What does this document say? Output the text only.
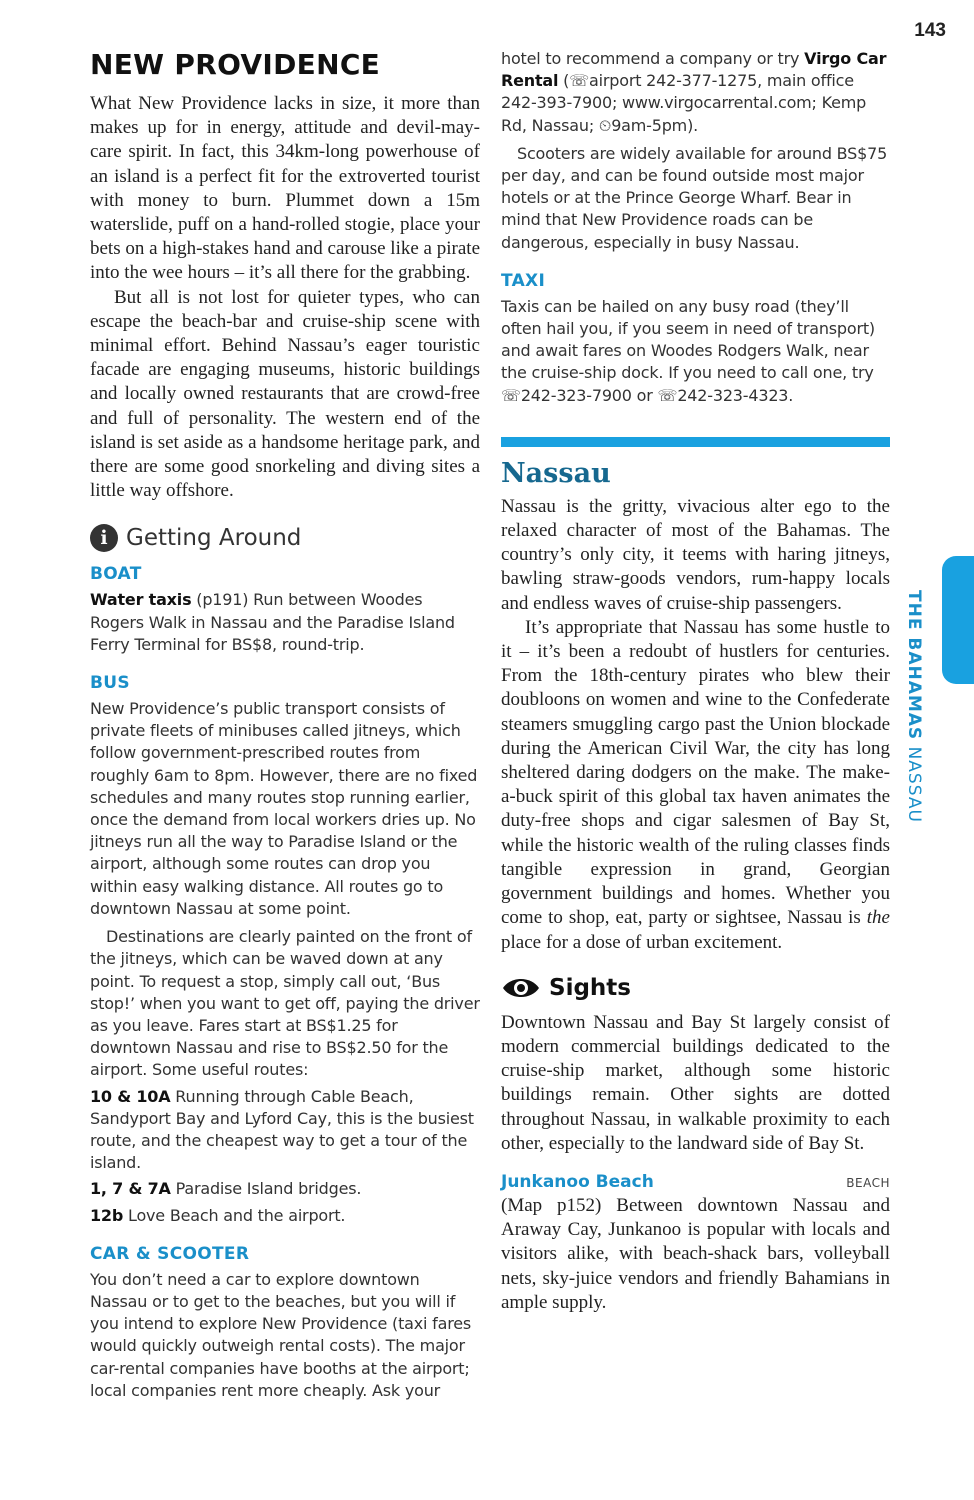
143
THE BAHAMAS NASSAU
NEW PROVIDENCE

What New Providence lacks in size, it more than makes up for in energy, attitude and devil-may-care spirit. In fact, this 34km-long powerhouse of an island is a perfect fit for the extroverted tourist with money to burn. Plummet down a 15m waterslide, puff on a hand-rolled stogie, place your bets on a high-stakes hand and carouse like a pirate into the wee hours – it’s all there for the grabbing.

But all is not lost for quieter types, who can escape the beach-bar and cruise-ship scene with minimal effort. Behind Nassau’s eager touristic facade are engaging museums, historic buildings and locally owned restaurants that are crowd-free and full of personality. The western end of the island is set aside as a handsome heritage park, and there are some good snorkeling and diving sites a little way offshore.

i Getting Around
BOAT

Water taxis (p191) Run between Woodes Rogers Walk in Nassau and the Paradise Island Ferry Terminal for BS$8, round-trip.

BUS

New Providence’s public transport consists of private fleets of minibuses called jitneys, which follow government-prescribed routes from roughly 6am to 8pm. However, there are no fixed schedules and many routes stop running earlier, once the demand from local workers dries up. No jitneys run all the way to Paradise Island or the airport, although some routes can drop you within easy walking distance. All routes go to downtown Nassau at some point.

Destinations are clearly painted on the front of the jitneys, which can be waved down at any point. To request a stop, simply call out, ‘Bus stop!’ when you want to get off, paying the driver as you leave. Fares start at BS$1.25 for downtown Nassau and rise to BS$2.50 for the airport. Some useful routes:

10 & 10A Running through Cable Beach, Sandyport Bay and Lyford Cay, this is the busiest route, and the cheapest way to get a tour of the island.

1, 7 & 7A Paradise Island bridges.

12b Love Beach and the airport.

CAR & SCOOTER

You don’t need a car to explore downtown Nassau or to get to the beaches, but you will if you intend to explore New Providence (taxi fares would quickly outweigh rental costs). The major car-rental companies have booths at the airport; local companies rent more cheaply. Ask your

hotel to recommend a company or try Virgo Car Rental (☏airport 242-377-1275, main office 242-393-7900; www.virgocarrental.com; Kemp Rd, Nassau; ⏲9am-5pm).

Scooters are widely available for around BS$75 per day, and can be found outside most major hotels or at the Prince George Wharf. Bear in mind that New Providence roads can be dangerous, especially in busy Nassau.

TAXI

Taxis can be hailed on any busy road (they’ll often hail you, if you seem in need of transport) and await fares on Woodes Rodgers Walk, near the cruise-ship dock. If you need to call one, try ☏242-323-7900 or ☏242-323-4323.

Nassau

Nassau is the gritty, vivacious alter ego to the relaxed character of most of the Bahamas. The country’s only city, it teems with haring jitneys, bawling straw-goods vendors, rum-happy locals and endless waves of cruise-ship passengers.

It’s appropriate that Nassau has some hustle to it – it’s been a redoubt of hustlers for centuries. From the 18th-century pirates who blew their doubloons on women and wine to the Confederate steamers smuggling cargo past the Union blockade during the American Civil War, the city has long sheltered daring dodgers on the make. The make-a-buck spirit of this global tax haven animates the duty-free shops and cigar salesmen of Bay St, while the historic wealth of the ruling classes finds tangible expression in grand, Georgian government buildings and homes. Whether you come to shop, eat, party or sightsee, Nassau is the place for a dose of urban excitement.

Sights

Downtown Nassau and Bay St largely consist of modern commercial buildings dedicated to the cruise-ship market, although some historic buildings remain. Other sights are dotted throughout Nassau, in walkable proximity to each other, especially to the landward side of Bay St.

Junkanoo Beach	BEACH

(Map p152) Between downtown Nassau and Araway Cay, Junkanoo is popular with locals and visitors alike, with beach-shack bars, volleyball nets, sky-juice vendors and friendly Bahamians in ample supply.
